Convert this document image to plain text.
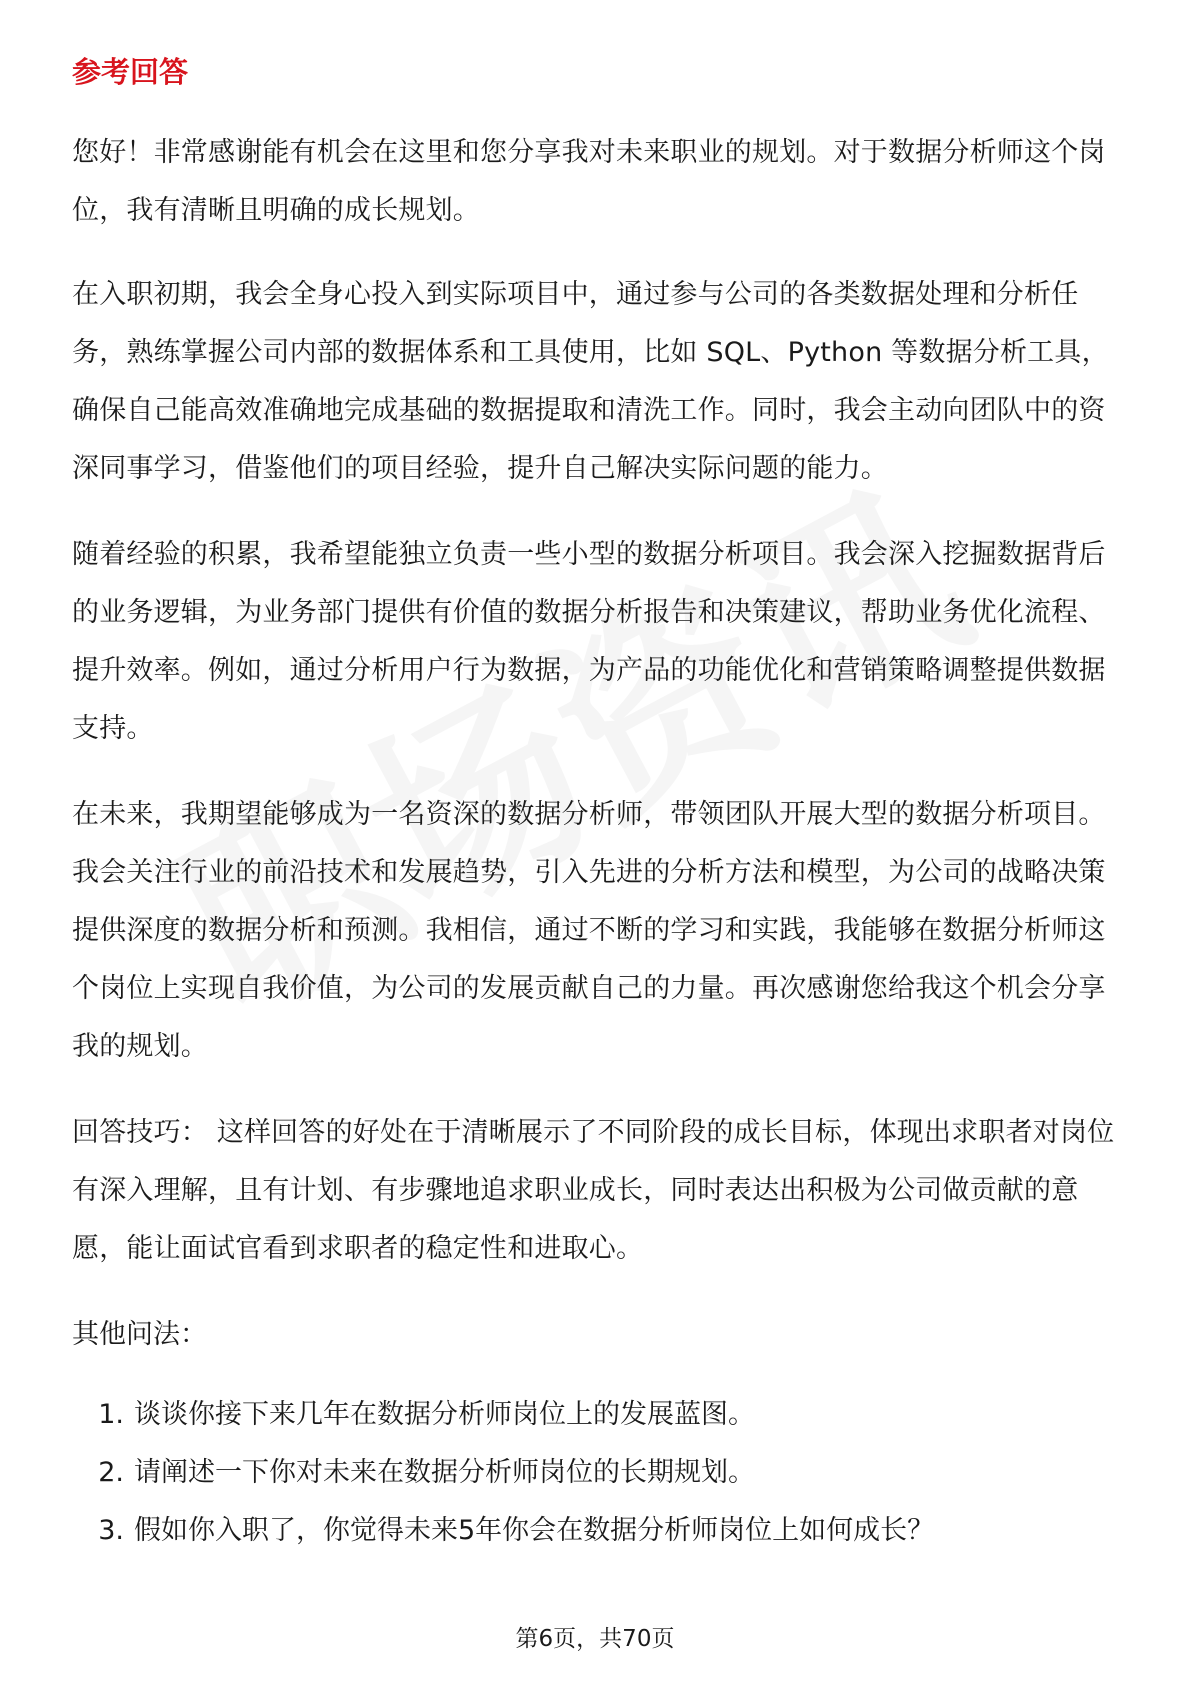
参考回答

您好！非常感谢能有机会在这里和您分享我对未来职业的规划。对于数据分析师这个岗位，我有清晰且明确的成长规划。

在入职初期，我会全身心投入到实际项目中，通过参与公司的各类数据处理和分析任务，熟练掌握公司内部的数据体系和工具使用，比如 SQL、Python 等数据分析工具，确保自己能高效准确地完成基础的数据提取和清洗工作。同时，我会主动向团队中的资深同事学习，借鉴他们的项目经验，提升自己解决实际问题的能力。

随着经验的积累，我希望能独立负责一些小型的数据分析项目。我会深入挖掘数据背后的业务逻辑，为业务部门提供有价值的数据分析报告和决策建议，帮助业务优化流程、提升效率。例如，通过分析用户行为数据，为产品的功能优化和营销策略调整提供数据支持。

在未来，我期望能够成为一名资深的数据分析师，带领团队开展大型的数据分析项目。我会关注行业的前沿技术和发展趋势，引入先进的分析方法和模型，为公司的战略决策提供深度的数据分析和预测。我相信，通过不断的学习和实践，我能够在数据分析师这个岗位上实现自我价值，为公司的发展贡献自己的力量。再次感谢您给我这个机会分享我的规划。

回答技巧： 这样回答的好处在于清晰展示了不同阶段的成长目标，体现出求职者对岗位有深入理解，且有计划、有步骤地追求职业成长，同时表达出积极为公司做贡献的意愿，能让面试官看到求职者的稳定性和进取心。

其他问法：
1. 谈谈你接下来几年在数据分析师岗位上的发展蓝图。
2. 请阐述一下你对未来在数据分析师岗位的长期规划。
3. 假如你入职了，你觉得未来5年你会在数据分析师岗位上如何成长？
第6页，共70页
